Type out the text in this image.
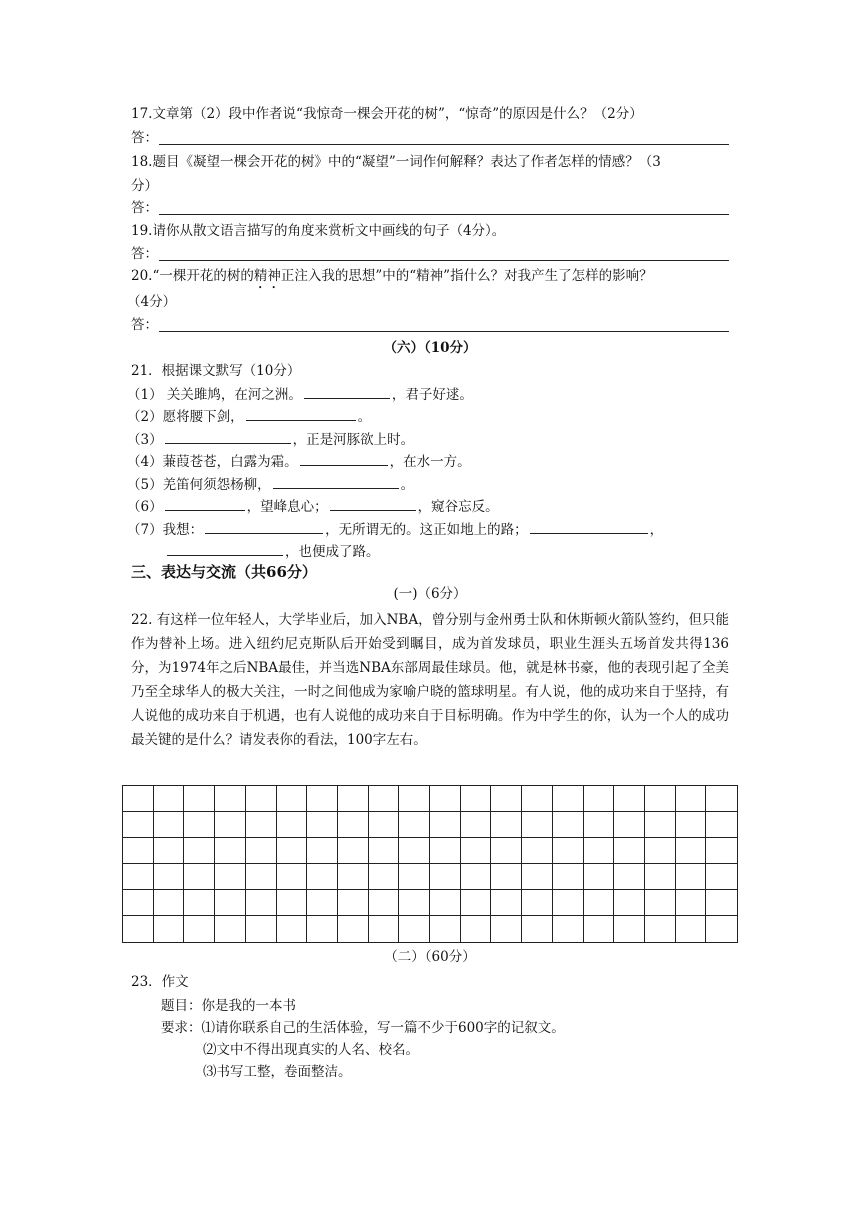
17.文章第（2）段中作者说“我惊奇一棵会开花的树”，“惊奇”的原因是什么？（2分）
答：
18.题目《凝望一棵会开花的树》中的“凝望”一词作何解释？表达了作者怎样的情感？（3
分）
答：
19.请你从散文语言描写的角度来赏析文中画线的句子（4分）。
答：
20.“一棵开花的树的精神正注入我的思想”中的“精神”指什么？对我产生了怎样的影响？
（4分）
答：
（六）（10分）
21．根据课文默写（10分）
（1） 关关雎鸠，在河之洲。	，君子好逑。
（2）愿将腰下剑，	。
（3）	，正是河豚欲上时。
（4）蒹葭苍苍，白露为霜。	，在水一方。
（5）羌笛何须怨杨柳，	。
（6）	，望峰息心；	，窥谷忘反。
（7）我想：	，无所谓无的。这正如地上的路；	，
，也便成了路。
三、表达与交流（共66分）
(一)（6分）
22. 有这样一位年轻人，大学毕业后，加入NBA，曾分别与金州勇士队和休斯顿火箭队签约，但只能作为替补上场。进入纽约尼克斯队后开始受到瞩目，成为首发球员，职业生涯头五场首发共得136分，为1974年之后NBA最佳，并当选NBA东部周最佳球员。他，就是林书豪，他的表现引起了全美乃至全球华人的极大关注，一时之间他成为家喻户晓的篮球明星。有人说，他的成功来自于坚持，有人说他的成功来自于机遇，也有人说他的成功来自于目标明确。作为中学生的你，认为一个人的成功最关键的是什么？请发表你的看法，100字左右。
（二）（60分）
23．作文
题目：你是我的一本书
要求：⑴请你联系自己的生活体验，写一篇不少于600字的记叙文。
⑵文中不得出现真实的人名、校名。
⑶书写工整，卷面整洁。
